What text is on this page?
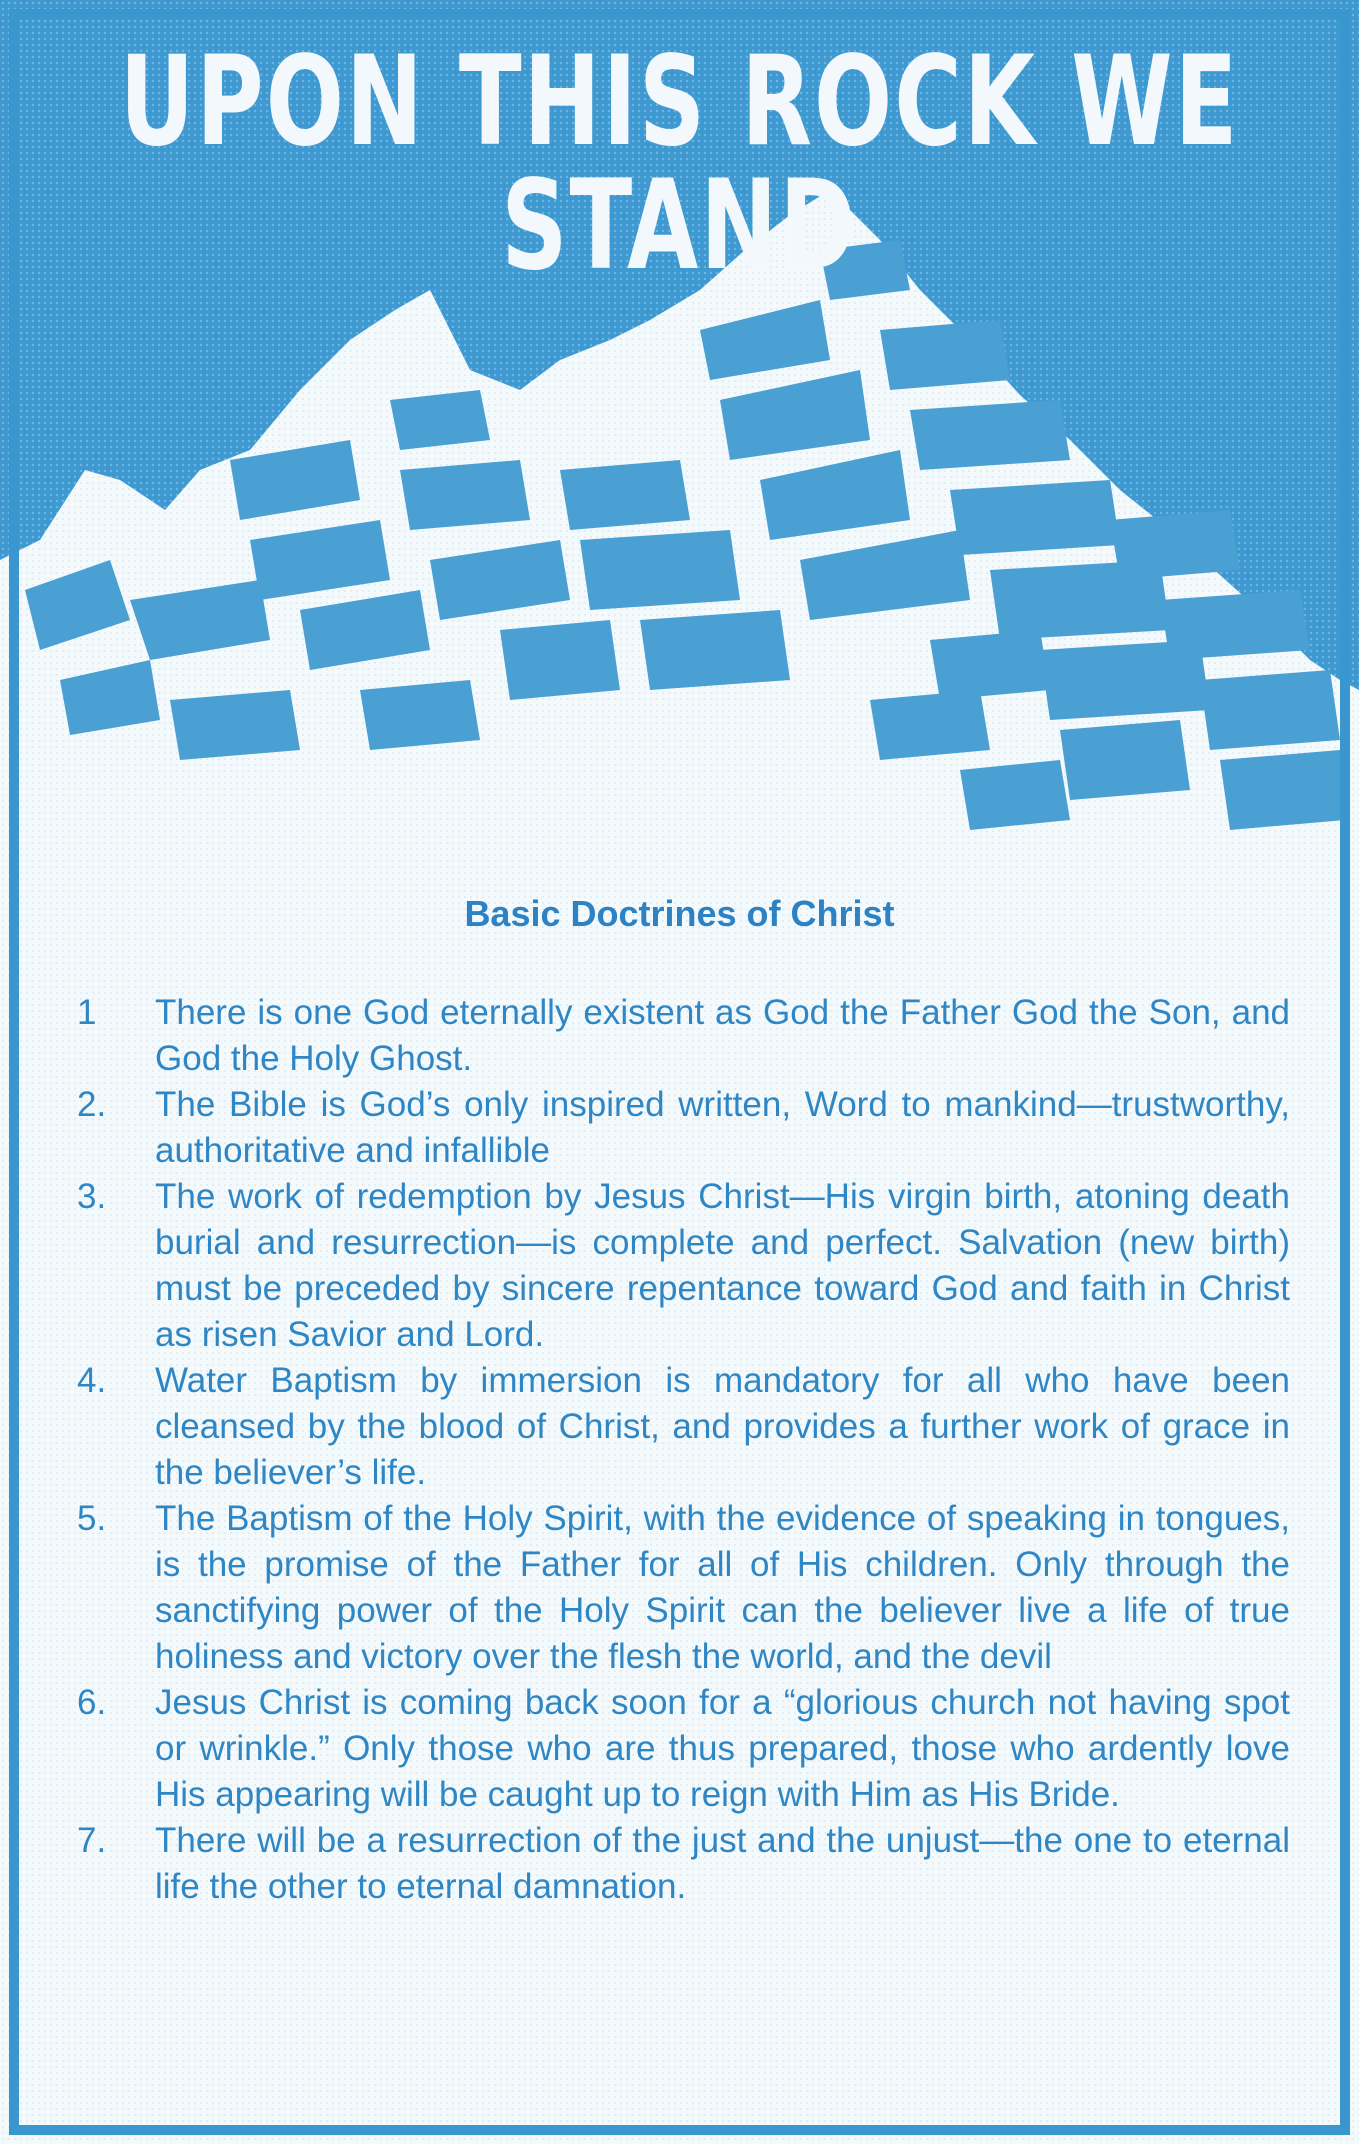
UPON THIS ROCK WE STAND
Basic Doctrines of Christ
1 There is one God eternally existent as God the Father God the Son, and God the Holy Ghost.
2. The Bible is God’s only inspired written, Word to mankind—trustworthy, authoritative and infallible
3. The work of redemption by Jesus Christ—His virgin birth, atoning death burial and resurrection—is complete and perfect. Salvation (new birth) must be preceded by sincere repentance toward God and faith in Christ as risen Savior and Lord.
4. Water Baptism by immersion is mandatory for all who have been cleansed by the blood of Christ, and provides a further work of grace in the believer’s life.
5. The Baptism of the Holy Spirit, with the evidence of speaking in tongues, is the promise of the Father for all of His children. Only through the sanctifying power of the Holy Spirit can the believer live a life of true holiness and victory over the flesh the world, and the devil
6. Jesus Christ is coming back soon for a “glorious church not having spot or wrinkle.” Only those who are thus prepared, those who ardently love His appearing will be caught up to reign with Him as His Bride.
7. There will be a resurrection of the just and the unjust—the one to eternal life the other to eternal damnation.
